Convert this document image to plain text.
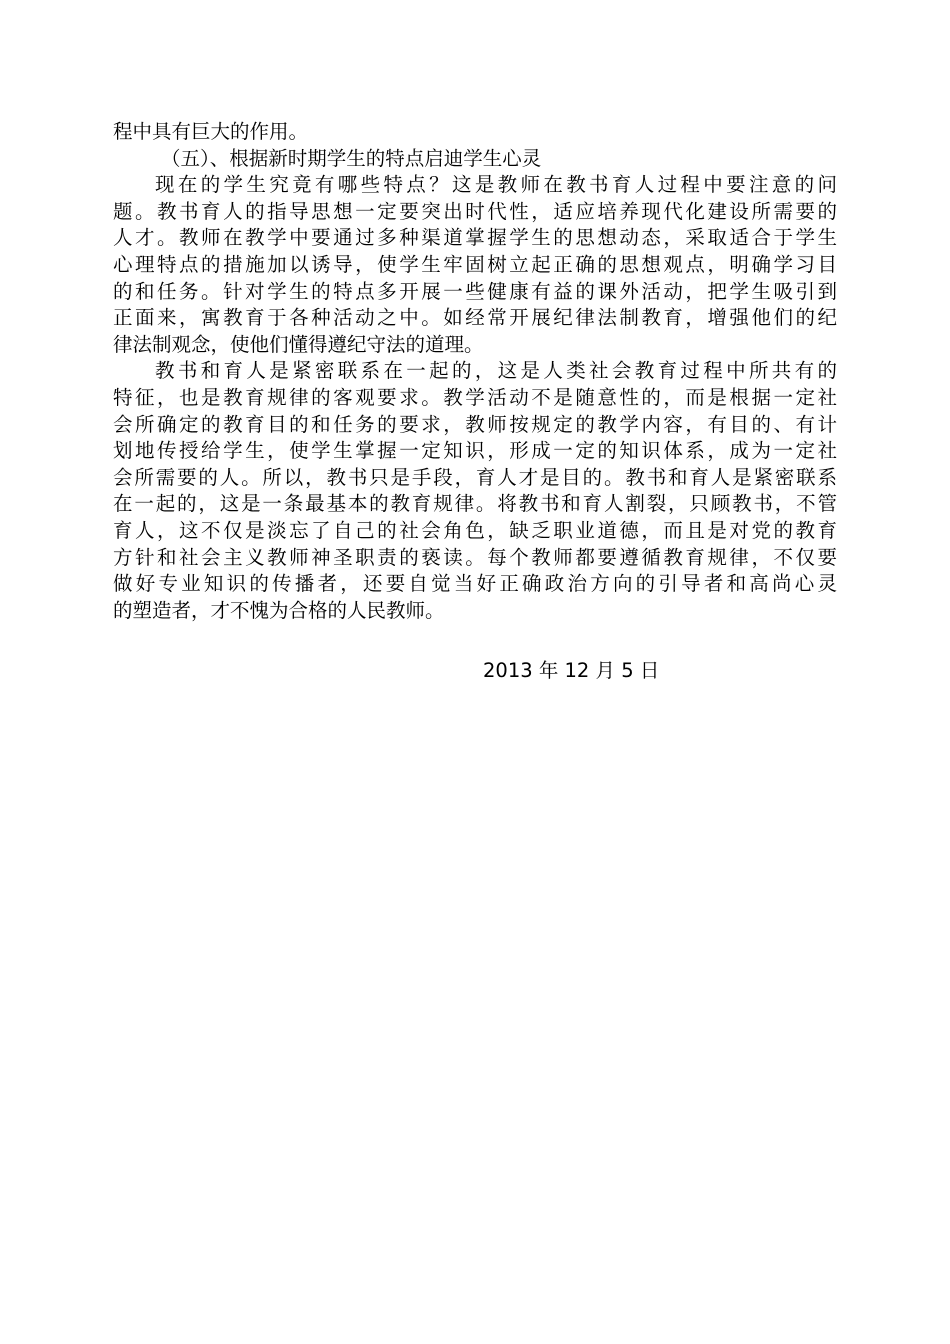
程中具有巨大的作用。
（五）、根据新时期学生的特点启迪学生心灵
现在的学生究竟有哪些特点？这是教师在教书育人过程中要注意的问
题。教书育人的指导思想一定要突出时代性，适应培养现代化建设所需要的
人才。教师在教学中要通过多种渠道掌握学生的思想动态，采取适合于学生
心理特点的措施加以诱导，使学生牢固树立起正确的思想观点，明确学习目
的和任务。针对学生的特点多开展一些健康有益的课外活动，把学生吸引到
正面来，寓教育于各种活动之中。如经常开展纪律法制教育，增强他们的纪
律法制观念，使他们懂得遵纪守法的道理。
教书和育人是紧密联系在一起的，这是人类社会教育过程中所共有的
特征，也是教育规律的客观要求。教学活动不是随意性的，而是根据一定社
会所确定的教育目的和任务的要求，教师按规定的教学内容，有目的、有计
划地传授给学生，使学生掌握一定知识，形成一定的知识体系，成为一定社
会所需要的人。所以，教书只是手段，育人才是目的。教书和育人是紧密联系
在一起的，这是一条最基本的教育规律。将教书和育人割裂，只顾教书，不管
育人，这不仅是淡忘了自己的社会角色，缺乏职业道德，而且是对党的教育
方针和社会主义教师神圣职责的亵读。每个教师都要遵循教育规律，不仅要
做好专业知识的传播者，还要自觉当好正确政治方向的引导者和高尚心灵
的塑造者，才不愧为合格的人民教师。
2013 年 12 月 5 日
